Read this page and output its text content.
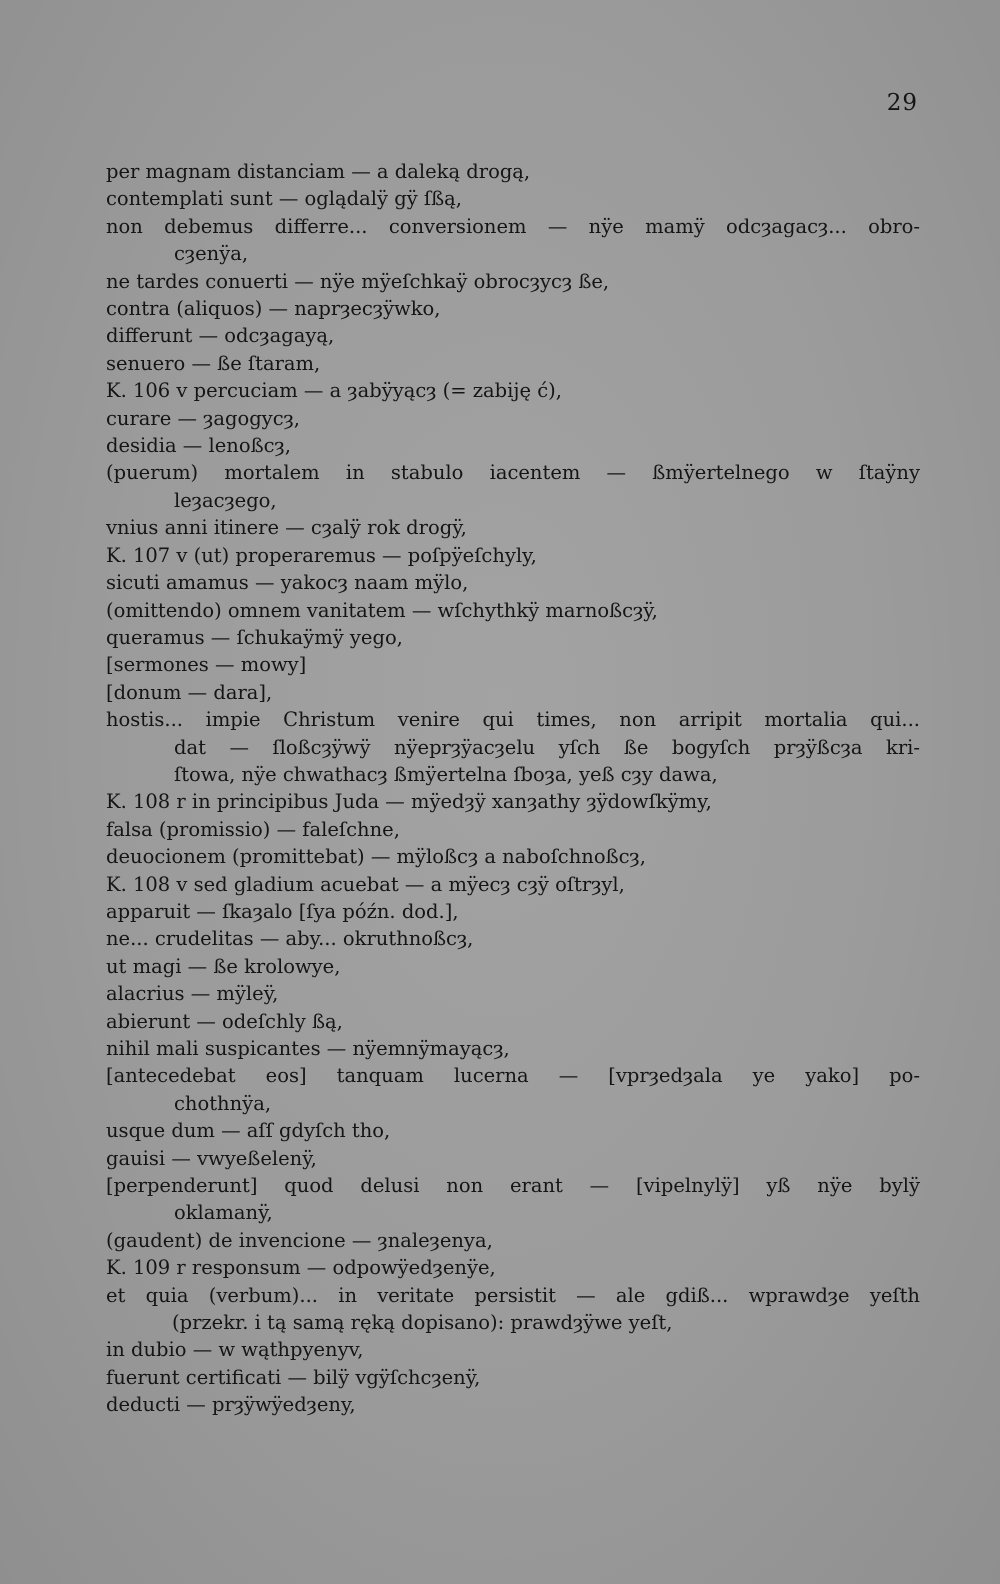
29
per magnam distanciam — a daleką drogą,
contemplati sunt — oglądalÿ gÿ ſßą,
non debemus differre... conversionem — nÿe mamÿ odcȝagacȝ... obro-
cȝenÿa,
ne tardes conuerti — nÿe mÿeſchkaÿ obrocȝycȝ ße,
contra (aliquos) — naprȝecȝÿwko,
differunt — odcȝagayą,
senuero — ße ſtaram,
K. 106 v percuciam — a ȝabÿyącȝ (= zabiję ć),
curare — ȝagogycȝ,
desidia — lenoßcȝ,
(puerum) mortalem in stabulo iacentem — ßmÿertelnego w ſtaÿny
leȝacȝego,
vnius anni itinere — cȝalÿ rok drogÿ,
K. 107 v (ut) properaremus — poſpÿeſchyly,
sicuti amamus — yakocȝ naam mÿlo,
(omittendo) omnem vanitatem — wſchythkÿ marnoßcȝÿ,
queramus — ſchukaÿmÿ yego,
[sermones — mowy]
[donum — dara],
hostis... impie Christum venire qui times, non arripit mortalia qui...
dat — ſloßcȝÿwÿ nÿeprȝÿacȝelu yſch ße bogyſch prȝÿßcȝa kri-
ſtowa, nÿe chwathacȝ ßmÿertelna ſboȝa, yeß cȝy dawa,
K. 108 r in principibus Juda — mÿedȝÿ xanȝathy ȝÿdowſkÿmy,
falsa (promissio) — faleſchne,
deuocionem (promittebat) — mÿloßcȝ a naboſchnoßcȝ,
K. 108 v sed gladium acuebat — a mÿecȝ cȝÿ oſtrȝyl,
apparuit — ſkaȝalo [ſya późn. dod.],
ne... crudelitas — aby... okruthnoßcȝ,
ut magi — ße krolowye,
alacrius — mÿleÿ,
abierunt — odeſchly ßą,
nihil mali suspicantes — nÿemnÿmayącȝ,
[antecedebat eos] tanquam lucerna — [vprȝedȝala ye yako] po-
chothnÿa,
usque dum — aſſ gdyſch tho,
gauisi — vwyeßelenÿ,
[perpenderunt] quod delusi non erant — [vipelnylÿ] yß nÿe bylÿ
oklamanÿ,
(gaudent) de invencione — ȝnaleȝenya,
K. 109 r responsum — odpowÿedȝenÿe,
et quia (verbum)... in veritate persistit — ale gdiß... wprawdȝe yeſth
(przekr. i tą samą ręką dopisano): prawdȝÿwe yeſt,
in dubio — w wąthpyenyv,
fuerunt certificati — bilÿ vgÿſchcȝenÿ,
deducti — prȝÿwÿedȝeny,
